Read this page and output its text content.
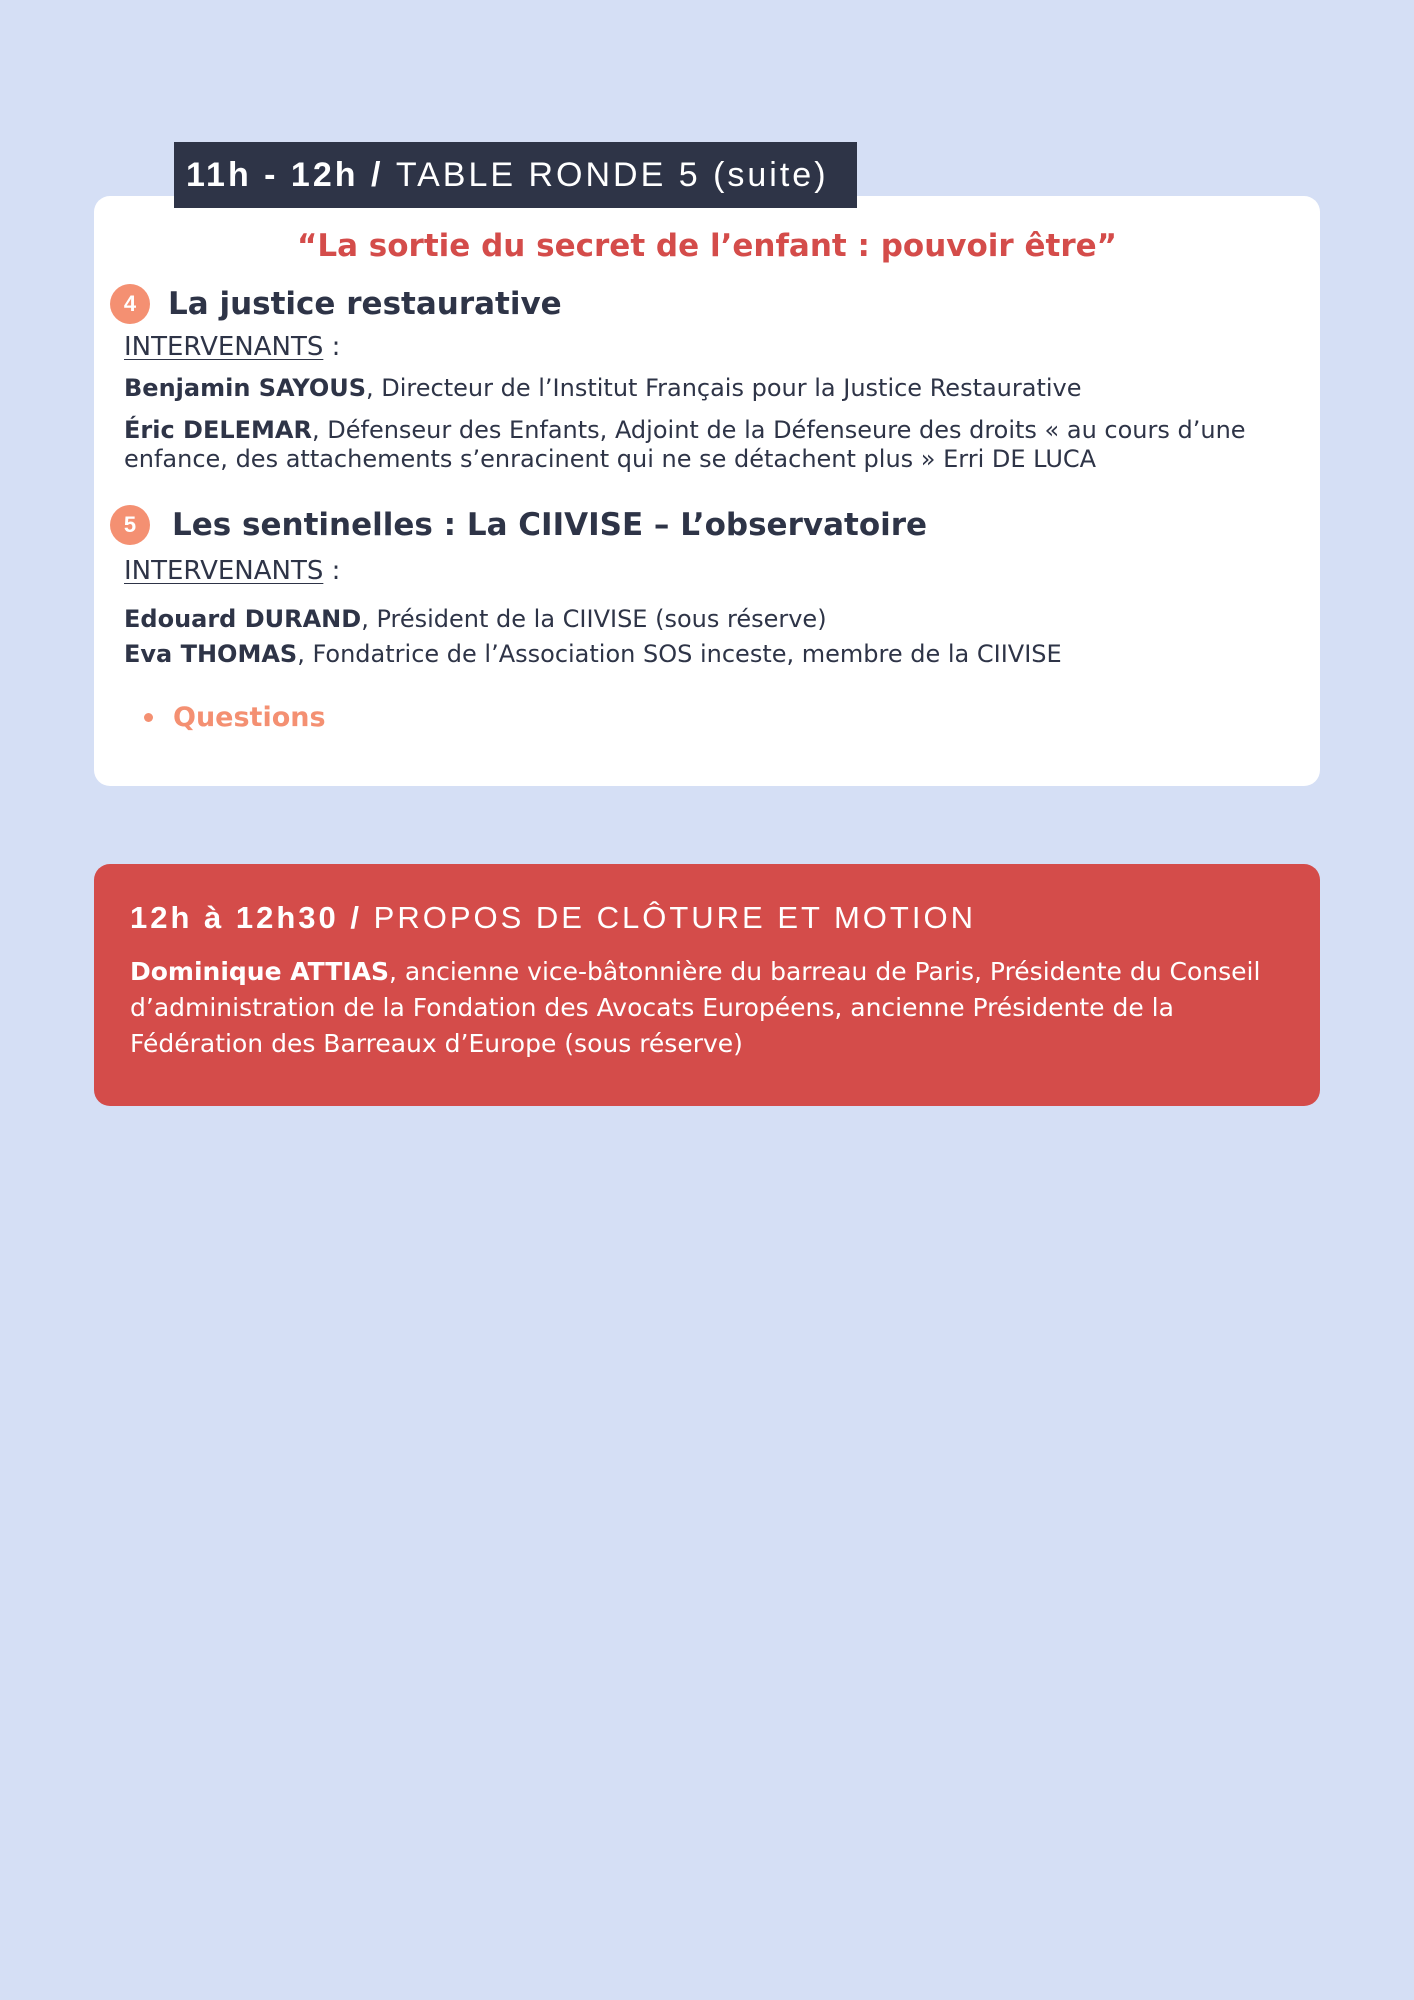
11h - 12h / TABLE RONDE 5 (suite)
“La sortie du secret de l’enfant : pouvoir être”
4	La justice restaurative
INTERVENANTS :
Benjamin SAYOUS, Directeur de l’Institut Français pour la Justice Restaurative
Éric DELEMAR, Défenseur des Enfants, Adjoint de la Défenseure des droits « au cours d’une enfance, des attachements s’enracinent qui ne se détachent plus » Erri DE LUCA
5	Les sentinelles : La CIIVISE – L’observatoire
INTERVENANTS :
Edouard DURAND, Président de la CIIVISE (sous réserve)
Eva THOMAS, Fondatrice de l’Association SOS inceste, membre de la CIIVISE
Questions
12h à 12h30 / PROPOS DE CLÔTURE ET MOTION
Dominique ATTIAS, ancienne vice-bâtonnière du barreau de Paris, Présidente du Conseil d’administration de la Fondation des Avocats Européens, ancienne Présidente de la Fédération des Barreaux d’Europe (sous réserve)
